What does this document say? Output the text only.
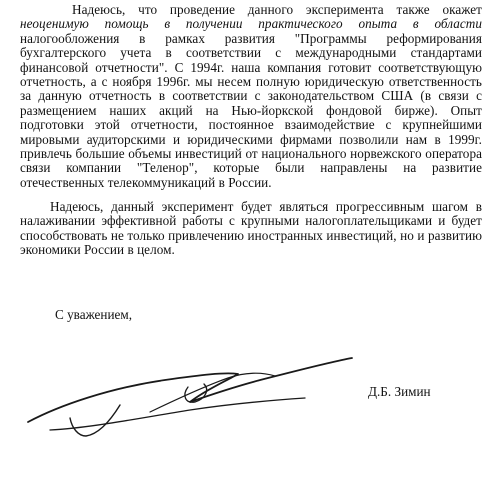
Надеюсь, что проведение данного эксперимента также окажет неоценимую помощь в получении практического опыта в области налогообложения в рамках развития "Программы реформирования бухгалтерского учета в соответствии с международными стандартами финансовой отчетности". С 1994г. наша компания готовит соответствующую отчетность, а с ноября 1996г. мы несем полную юридическую ответственность за данную отчетность в соответствии с законодательством США (в связи с размещением наших акций на Нью-йоркской фондовой бирже). Опыт подготовки этой отчетности, постоянное взаимодействие с крупнейшими мировыми аудиторскими и юридическими фирмами позволили нам в 1999г. привлечь большие объемы инвестиций от национального норвежского оператора связи компании "Теленор", которые были направлены на развитие отечественных телекоммуникаций в России.

Надеюсь, данный эксперимент будет являться прогрессивным шагом в налаживании эффективной работы с крупными налогоплательщиками и будет способствовать не только привлечению иностранных инвестиций, но и развитию экономики России в целом.

С уважением,

Д.Б. Зимин
